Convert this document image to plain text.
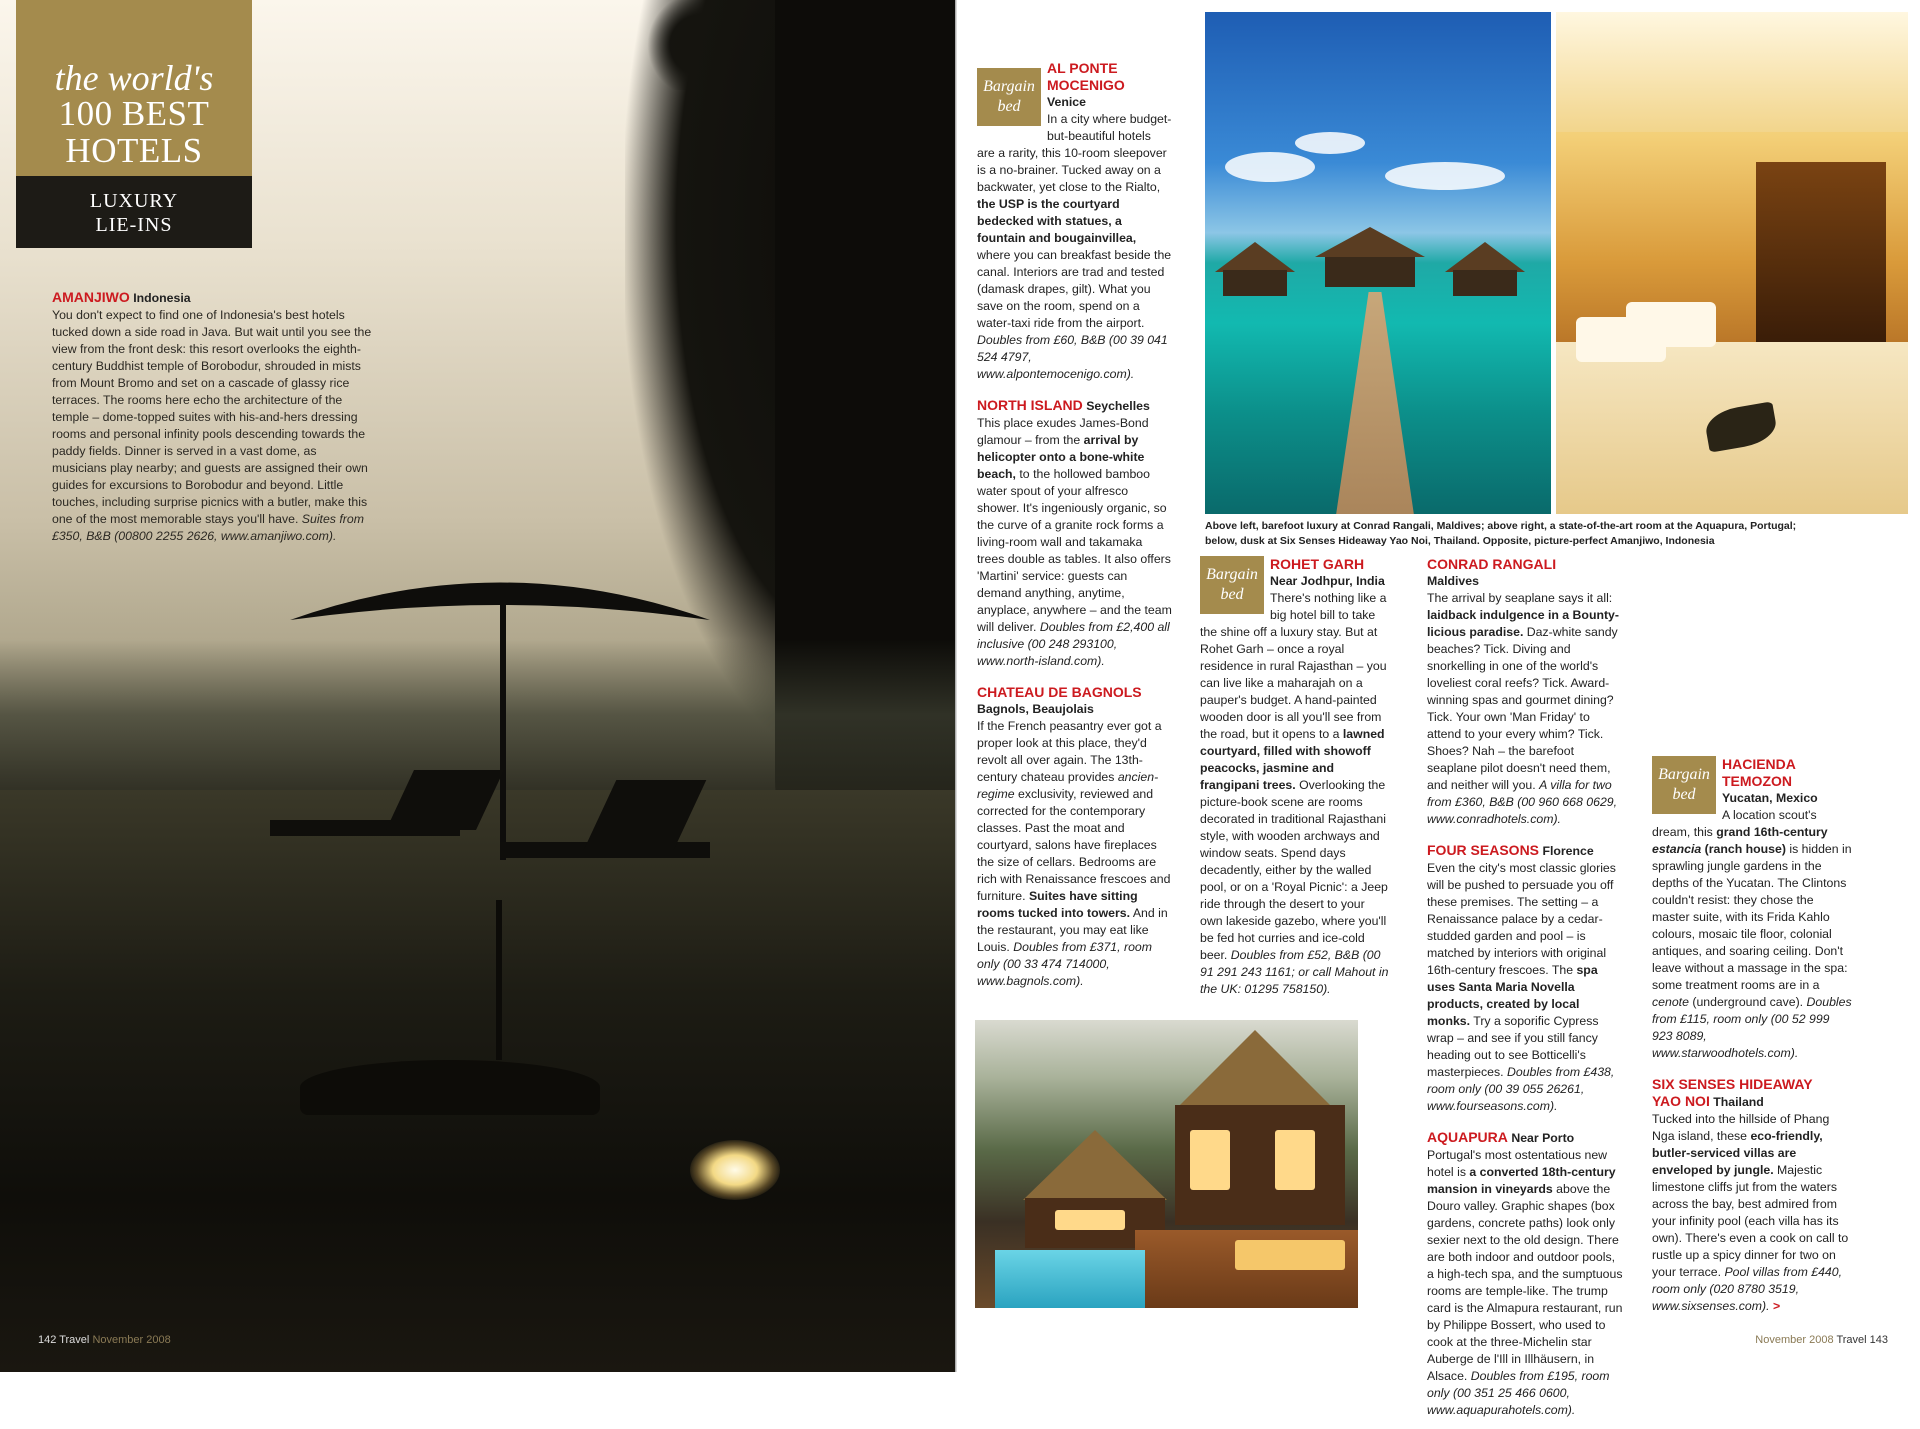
the world's
100 BEST
HOTELS
LUXURY
LIE-INS
AMANJIWO Indonesia
You don't expect to find one of Indonesia's best hotels tucked down a side road in Java. But wait until you see the view from the front desk: this resort overlooks the eighth-century Buddhist temple of Borobodur, shrouded in mists from Mount Bromo and set on a cascade of glassy rice terraces. The rooms here echo the architecture of the temple – dome-topped suites with his-and-hers dressing rooms and personal infinity pools descending towards the paddy fields. Dinner is served in a vast dome, as musicians play nearby; and guests are assigned their own guides for excursions to Borobodur and beyond. Little touches, including surprise picnics with a butler, make this one of the most memorable stays you'll have. Suites from £350, B&B (00800 2255 2626, www.amanjiwo.com).
142 Travel November 2008
Bargain
bed
AL PONTE
MOCENIGO
Venice
In a city where budget-but-beautiful hotels are a rarity, this 10-room sleepover is a no-brainer. Tucked away on a backwater, yet close to the Rialto, the USP is the courtyard bedecked with statues, a fountain and bougainvillea, where you can breakfast beside the canal. Interiors are trad and tested (damask drapes, gilt). What you save on the room, spend on a water-taxi ride from the airport. Doubles from £60, B&B (00 39 041 524 4797, www.alpontemocenigo.com).
NORTH ISLAND Seychelles
This place exudes James-Bond glamour – from the arrival by helicopter onto a bone-white beach, to the hollowed bamboo water spout of your alfresco shower. It's ingeniously organic, so the curve of a granite rock forms a living-room wall and takamaka trees double as tables. It also offers 'Martini' service: guests can demand anything, anytime, anyplace, anywhere – and the team will deliver. Doubles from £2,400 all inclusive (00 248 293100, www.north-island.com).
CHATEAU DE BAGNOLS
Bagnols, Beaujolais
If the French peasantry ever got a proper look at this place, they'd revolt all over again. The 13th-century chateau provides ancien-regime exclusivity, reviewed and corrected for the contemporary classes. Past the moat and courtyard, salons have fireplaces the size of cellars. Bedrooms are rich with Renaissance frescoes and furniture. Suites have sitting rooms tucked into towers. And in the restaurant, you may eat like Louis. Doubles from £371, room only (00 33 474 714000, www.bagnols.com).
Above left, barefoot luxury at Conrad Rangali, Maldives; above right, a state-of-the-art room at the Aquapura, Portugal; below, dusk at Six Senses Hideaway Yao Noi, Thailand. Opposite, picture-perfect Amanjiwo, Indonesia
Bargain
bed
ROHET GARH
Near Jodhpur, India
There's nothing like a big hotel bill to take the shine off a luxury stay. But at Rohet Garh – once a royal residence in rural Rajasthan – you can live like a maharajah on a pauper's budget. A hand-painted wooden door is all you'll see from the road, but it opens to a lawned courtyard, filled with showoff peacocks, jasmine and frangipani trees. Overlooking the picture-book scene are rooms decorated in traditional Rajasthani style, with wooden archways and window seats. Spend days decadently, either by the walled pool, or on a 'Royal Picnic': a Jeep ride through the desert to your own lakeside gazebo, where you'll be fed hot curries and ice-cold beer. Doubles from £52, B&B (00 91 291 243 1161; or call Mahout in the UK: 01295 758150).
CONRAD RANGALI
Maldives
The arrival by seaplane says it all: laidback indulgence in a Bounty-licious paradise. Daz-white sandy beaches? Tick. Diving and snorkelling in one of the world's loveliest coral reefs? Tick. Award-winning spas and gourmet dining? Tick. Your own 'Man Friday' to attend to your every whim? Tick. Shoes? Nah – the barefoot seaplane pilot doesn't need them, and neither will you. A villa for two from £360, B&B (00 960 668 0629, www.conradhotels.com).
FOUR SEASONS Florence
Even the city's most classic glories will be pushed to persuade you off these premises. The setting – a Renaissance palace by a cedar-studded garden and pool – is matched by interiors with original 16th-century frescoes. The spa uses Santa Maria Novella products, created by local monks. Try a soporific Cypress wrap – and see if you still fancy heading out to see Botticelli's masterpieces. Doubles from £438, room only (00 39 055 26261, www.fourseasons.com).
AQUAPURA Near Porto
Portugal's most ostentatious new hotel is a converted 18th-century mansion in vineyards above the Douro valley. Graphic shapes (box gardens, concrete paths) look only sexier next to the old design. There are both indoor and outdoor pools, a high-tech spa, and the sumptuous rooms are temple-like. The trump card is the Almapura restaurant, run by Philippe Bossert, who used to cook at the three-Michelin star Auberge de l'Ill in Illhäusern, in Alsace. Doubles from £195, room only (00 351 25 466 0600, www.aquapurahotels.com).
Bargain
bed
HACIENDA
TEMOZON
Yucatan, Mexico
A location scout's dream, this grand 16th-century estancia (ranch house) is hidden in sprawling jungle gardens in the depths of the Yucatan. The Clintons couldn't resist: they chose the master suite, with its Frida Kahlo colours, mosaic tile floor, colonial antiques, and soaring ceiling. Don't leave without a massage in the spa: some treatment rooms are in a cenote (underground cave). Doubles from £115, room only (00 52 999 923 8089, www.starwoodhotels.com).
SIX SENSES HIDEAWAY
YAO NOI Thailand
Tucked into the hillside of Phang Nga island, these eco-friendly, butler-serviced villas are enveloped by jungle. Majestic limestone cliffs jut from the waters across the bay, best admired from your infinity pool (each villa has its own). There's even a cook on call to rustle up a spicy dinner for two on your terrace. Pool villas from £440, room only (020 8780 3519, www.sixsenses.com). >
November 2008 Travel 143
